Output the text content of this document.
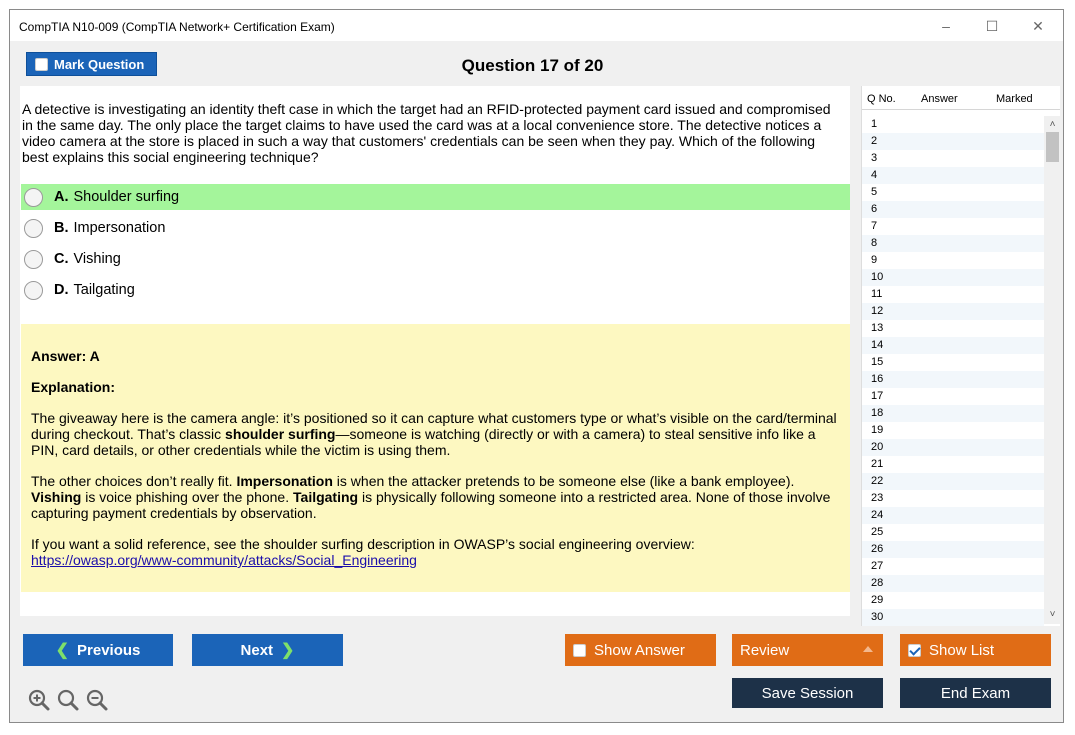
CompTIA N10-009 (CompTIA Network+ Certification Exam)	–	☐	✕
Mark Question	Question 17 of 20
A detective is investigating an identity theft case in which the target had an RFID-protected payment card issued and compromised in the same day. The only place the target claims to have used the card was at a local convenience store. The detective notices a video camera at the store is placed in such a way that customers' credentials can be seen when they pay. Which of the following best explains this social engineering technique?
A. Shoulder surfing
B. Impersonation
C. Vishing
D. Tailgating
Answer: A
Explanation:

The giveaway here is the camera angle: it’s positioned so it can capture what customers type or what’s visible on the card/terminal during checkout. That’s classic shoulder surfing—someone is watching (directly or with a camera) to steal sensitive info like a PIN, card details, or other credentials while the victim is using them.

The other choices don’t really fit. Impersonation is when the attacker pretends to be someone else (like a bank employee). Vishing is voice phishing over the phone. Tailgating is physically following someone into a restricted area. None of those involve capturing payment credentials by observation.

If you want a solid reference, see the shoulder surfing description in OWASP’s social engineering overview:
https://owasp.org/www-community/attacks/Social_Engineering

Q No. Answer	Marked
1
2
3
4
5
6
7
8
9
10
11
12
13
14
15
16
17
18
19
20
21
22
23
24
25
26
27
28
29
30
˄
˅
❮ Previous	Next ❯	Show Answer	Review	Show List
Save Session	End Exam
